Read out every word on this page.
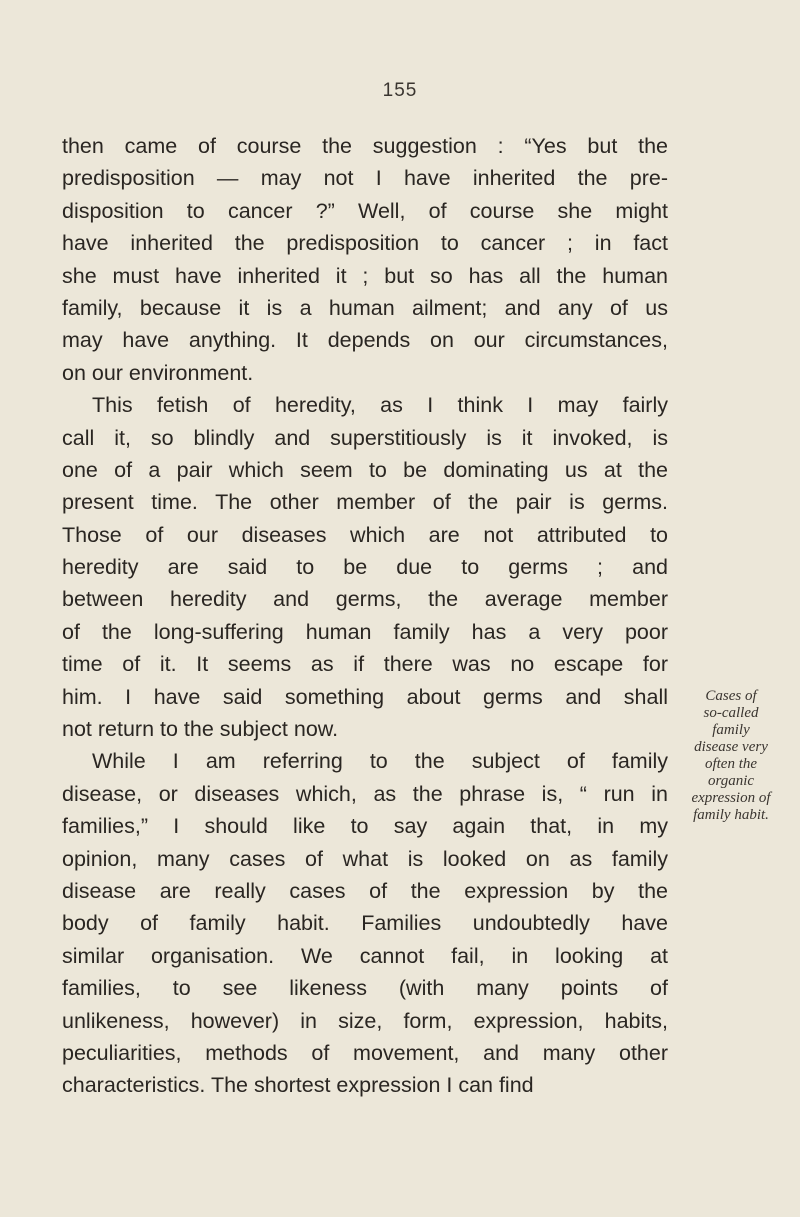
155
then came of course the suggestion : “Yes but the
predisposition — may not I have inherited the pre-
disposition to cancer ?” Well, of course she might
have inherited the predisposition to cancer ; in fact
she must have inherited it ; but so has all the human
family, because it is a human ailment; and any of us
may have anything. It depends on our circumstances,
on our environment.
This fetish of heredity, as I think I may fairly
call it, so blindly and superstitiously is it invoked, is
one of a pair which seem to be dominating us at the
present time. The other member of the pair is germs.
Those of our diseases which are not attributed to
heredity are said to be due to germs ; and
between heredity and germs, the average member
of the long-suffering human family has a very poor
time of it. It seems as if there was no escape for
him. I have said something about germs and shall
not return to the subject now.
While I am referring to the subject of family
disease, or diseases which, as the phrase is, “ run in
families,” I should like to say again that, in my
opinion, many cases of what is looked on as family
disease are really cases of the expression by the
body of family habit. Families undoubtedly have
similar organisation. We cannot fail, in looking at
families, to see likeness (with many points of
unlikeness, however) in size, form, expression, habits,
peculiarities, methods of movement, and many other
characteristics. The shortest expression I can find
Cases of
so-called
family
disease very
often the
organic
expression of
family habit.
